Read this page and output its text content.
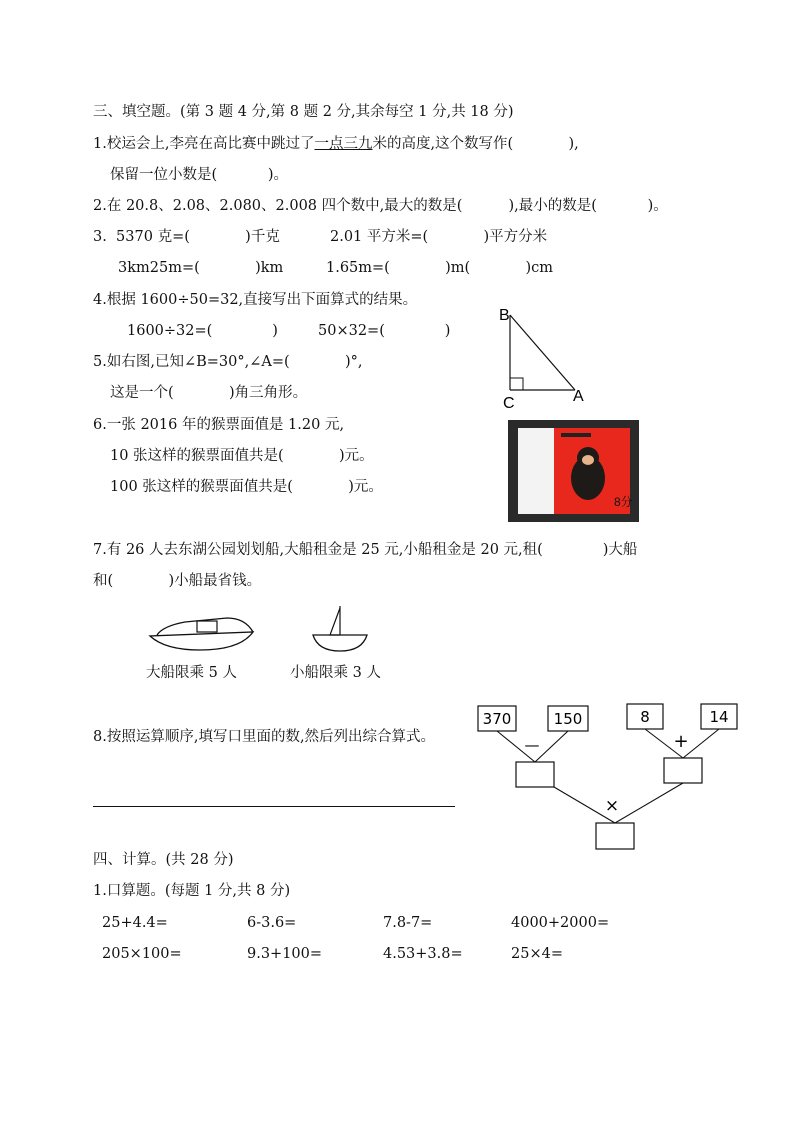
三、填空题。(第 3 题 4 分,第 8 题 2 分,其余每空 1 分,共 18 分)
1.校运会上,李亮在高比赛中跳过了一点三九米的高度,这个数写作(            ),
保留一位小数是(           )。
2.在 20.8、2.08、2.080、2.008 四个数中,最大的数是(          ),最小的数是(           )。
3.  5370 克=(            )千克	2.01 平方米=(            )平方分米
3km25m=(            )km	1.65m=(            )m(            )cm
4.根据 1600÷50=32,直接写出下面算式的结果。
1600÷32=(             )	50×32=(             )
5.如右图,已知∠B=30°,∠A=(            )°,
这是一个(            )角三角形。
B
C	A
6.一张 2016 年的猴票面值是 1.20 元,
10 张这样的猴票面值共是(            )元。
100 张这样的猴票面值共是(            )元。
8分
7.有 26 人去东湖公园划划船,大船租金是 25 元,小船租金是 20 元,租(             )大船
和(            )小船最省钱。
大船限乘 5 人	小船限乘 3 人
8.按照运算顺序,填写口里面的数,然后列出综合算式。
370	150	8	14
—	+
×
四、计算。(共 28 分)
1.口算题。(每题 1 分,共 8 分)
25+4.4=	6-3.6=	7.8-7=	4000+2000=
205×100=	9.3+100=	4.53+3.8=	25×4=
